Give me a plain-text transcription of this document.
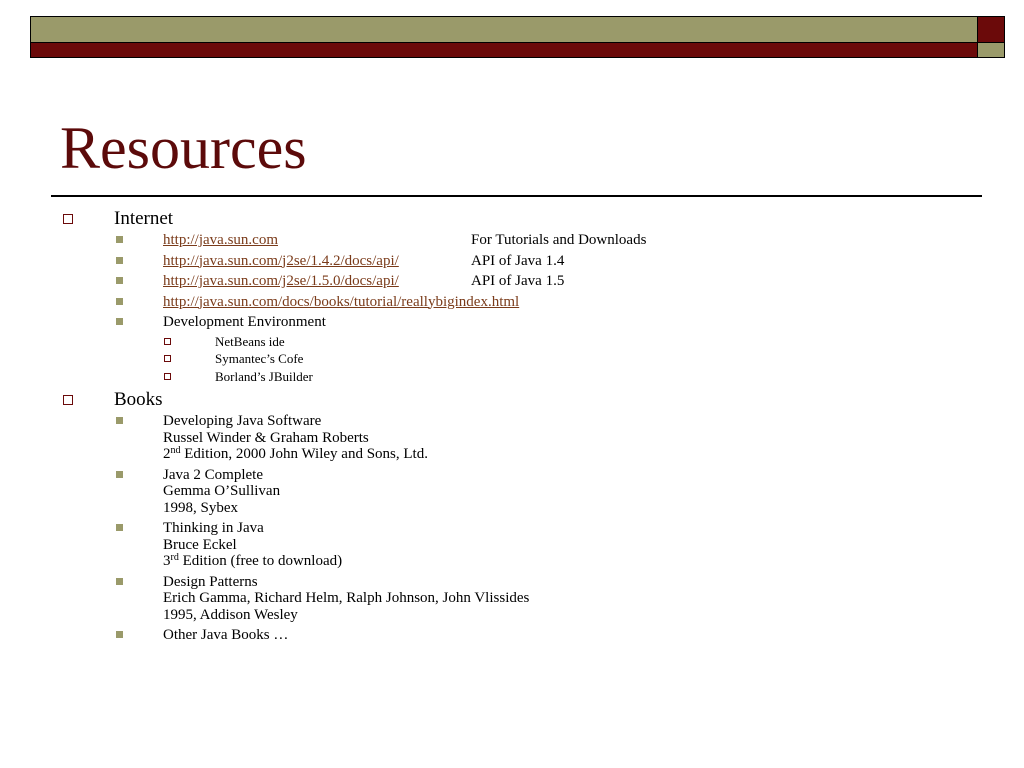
Resources
Internet
http://java.sun.com	For Tutorials and Downloads
http://java.sun.com/j2se/1.4.2/docs/api/	API of Java 1.4
http://java.sun.com/j2se/1.5.0/docs/api/	API of Java 1.5
http://java.sun.com/docs/books/tutorial/reallybigindex.html
Development Environment
NetBeans ide
Symantec’s Cofe
Borland’s JBuilder
Books
Developing Java Software
Russel Winder & Graham Roberts
2nd Edition, 2000 John Wiley and Sons, Ltd.
Java 2 Complete
Gemma O’Sullivan
1998, Sybex
Thinking in Java
Bruce Eckel
3rd Edition (free to download)
Design Patterns
Erich Gamma, Richard Helm, Ralph Johnson, John Vlissides
1995, Addison Wesley
Other Java Books …
